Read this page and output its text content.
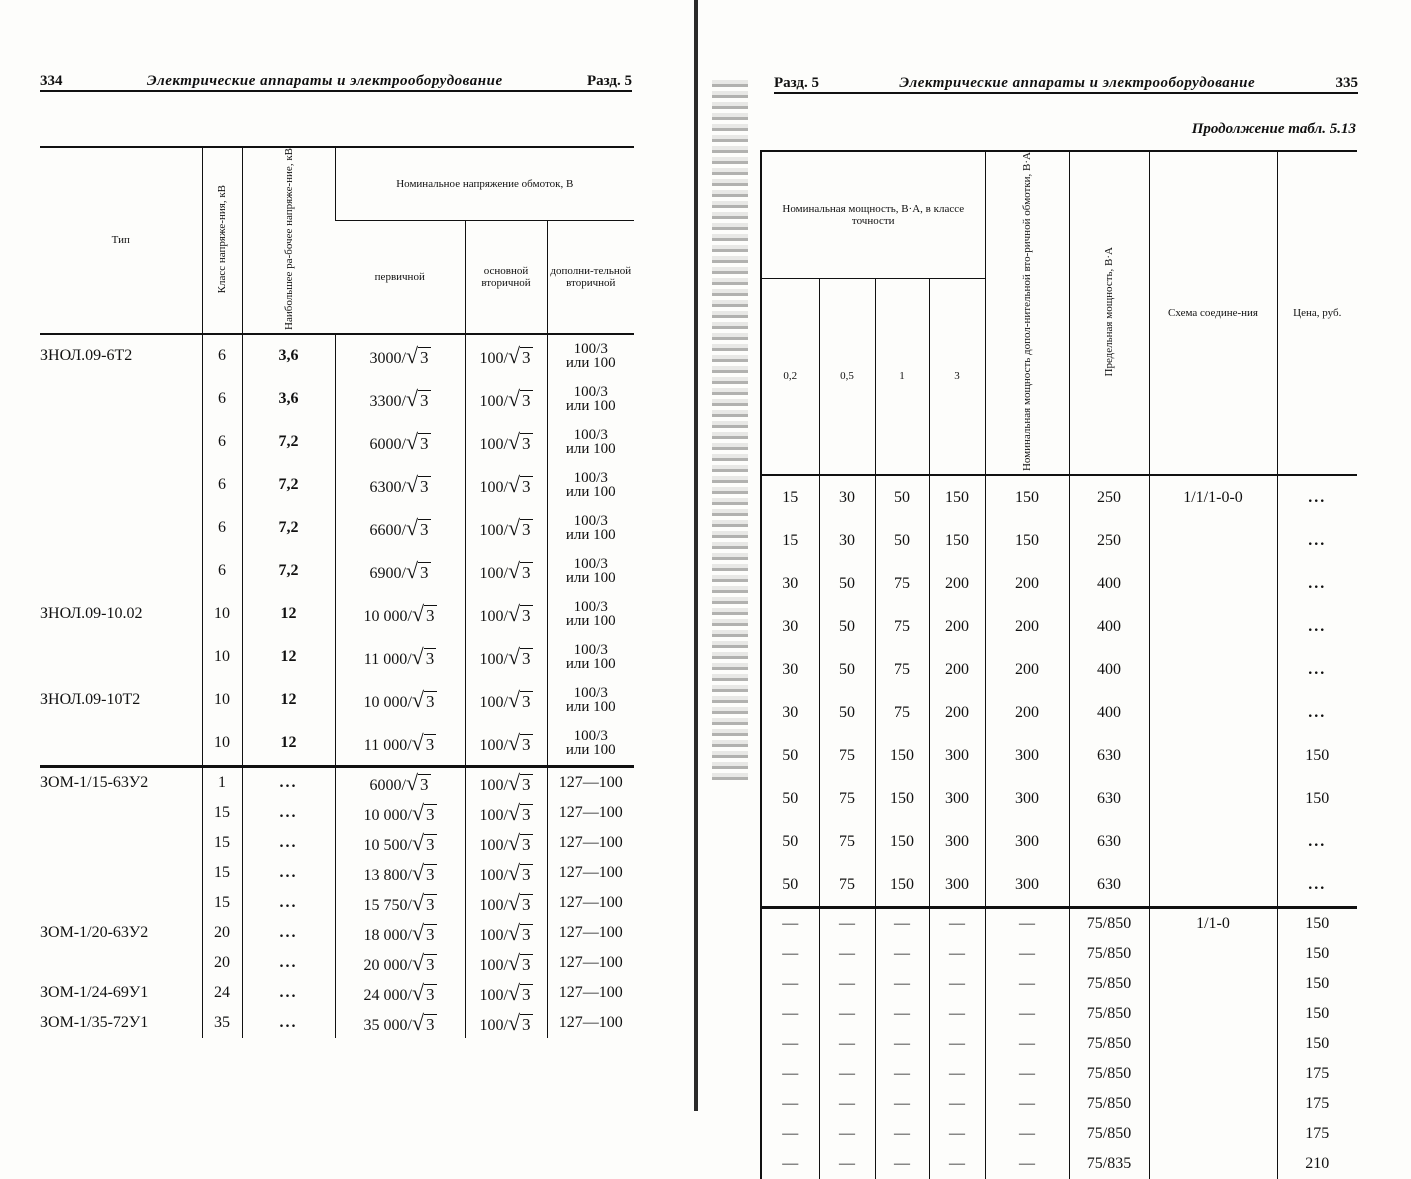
334	Электрические аппараты и электрооборудование	Разд. 5
Тип	Класс напряже-ния, кВ	Наибольшее ра-бочее напряже-ние, кВ	Номинальное напряжение обмоток, В		
			первичной	основной вторичной	дополни-тельной вторичной
ЗНОЛ.09-6Т2	6	3,6	3000/√ 3	100/√ 3	100/3
или 100

	6	3,6	3300/√ 3	100/√ 3	100/3
или 100

	6	7,2	6000/√ 3	100/√ 3	100/3
или 100

	6	7,2	6300/√ 3	100/√ 3	100/3
или 100

	6	7,2	6600/√ 3	100/√ 3	100/3
или 100

	6	7,2	6900/√ 3	100/√ 3	100/3
или 100

ЗНОЛ.09-10.02	10	12	10 000/√ 3	100/√ 3	100/3
или 100

	10	12	11 000/√ 3	100/√ 3	100/3
или 100

ЗНОЛ.09-10Т2	10	12	10 000/√ 3	100/√ 3	100/3
или 100

	10	12	11 000/√ 3	100/√ 3	100/3
или 100

ЗОМ-1/15-63У2	1	...	6000/√ 3	100/√ 3	127—100
	15	...	10 000/√ 3	100/√ 3	127—100
	15	...	10 500/√ 3	100/√ 3	127—100
	15	...	13 800/√ 3	100/√ 3	127—100
	15	...	15 750/√ 3	100/√ 3	127—100
ЗОМ-1/20-63У2	20	...	18 000/√ 3	100/√ 3	127—100
	20	...	20 000/√ 3	100/√ 3	127—100
ЗОМ-1/24-69У1	24	...	24 000/√ 3	100/√ 3	127—100
ЗОМ-1/35-72У1	35	...	35 000/√ 3	100/√ 3	127—100
Разд. 5	Электрические аппараты и электрооборудование	335
Продолжение табл. 5.13
Номинальная мощность, В·А, в классе точности				Номинальная мощность допол-нительной вто-ричной обмотки, В·А	Предельная мощность, В·А	Схема соедине-ния	Цена, руб.
0,2	0,5	1	3				
15	30	50	150	150	250	1/1/1-0-0	...
15	30	50	150	150	250		...
30	50	75	200	200	400		...
30	50	75	200	200	400		...
30	50	75	200	200	400		...
30	50	75	200	200	400		...
50	75	150	300	300	630		150
50	75	150	300	300	630		150
50	75	150	300	300	630		...
50	75	150	300	300	630		...
—	—	—	—	—	75/850	1/1-0	150
—	—	—	—	—	75/850		150
—	—	—	—	—	75/850		150
—	—	—	—	—	75/850		150
—	—	—	—	—	75/850		150
—	—	—	—	—	75/850		175
—	—	—	—	—	75/850		175
—	—	—	—	—	75/850		175
—	—	—	—	—	75/835		210
